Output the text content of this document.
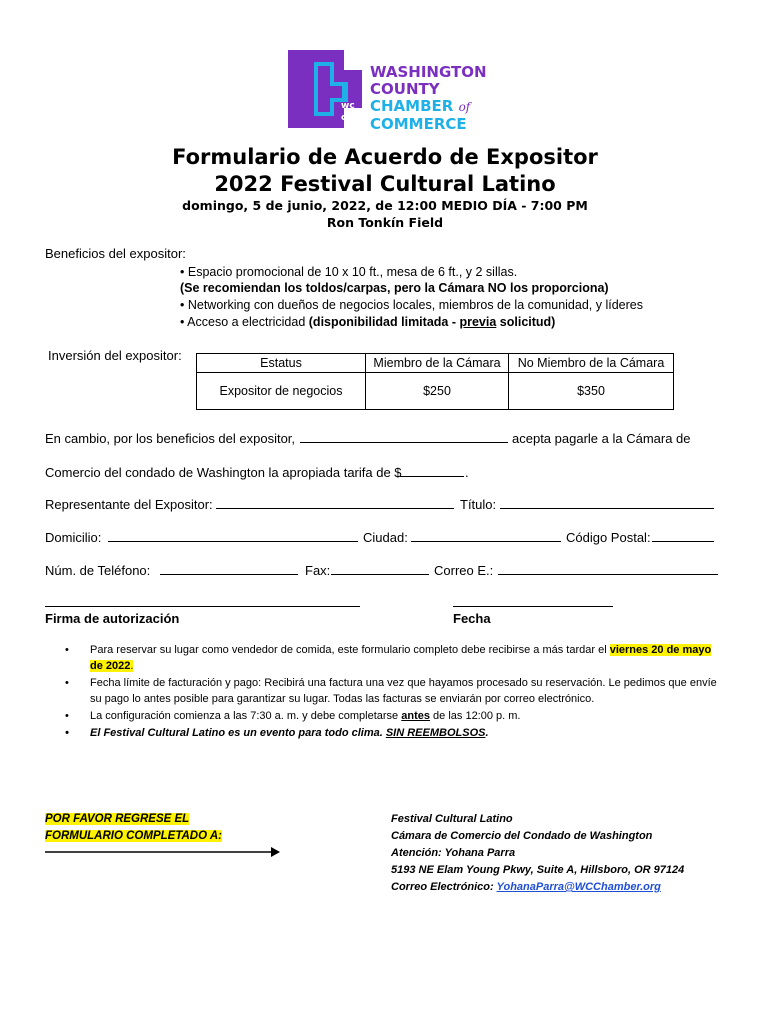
wc
cc
WASHINGTON
COUNTY
CHAMBER of
COMMERCE
Formulario de Acuerdo de Expositor
2022 Festival Cultural Latino
domingo, 5 de junio, 2022, de 12:00 MEDIO DÍA - 7:00 PM
Ron Tonkín Field
Beneficios del expositor:
• Espacio promocional de 10 x 10 ft., mesa de 6 ft., y 2 sillas.
(Se recomiendan los toldos/carpas, pero la Cámara NO los proporciona)
• Networking con dueños de negocios locales, miembros de la comunidad, y líderes
• Acceso a electricidad (disponibilidad limitada - previa solicitud)
Inversión del expositor:	Estatus	Miembro de la Cámara	No Miembro de la Cámara
Expositor de negocios	$250	$350
En cambio, por los beneficios del expositor,	acepta pagarle a la Cámara de
Comercio del condado de Washington la apropiada tarifa de $	.
Representante del Expositor:	Título:
Domicilio:	Ciudad:	Código Postal:
Núm. de Teléfono:	Fax:	Correo E.:
Firma de autorización	Fecha
• Para reservar su lugar como vendedor de comida, este formulario completo debe recibirse a más tardar el viernes 20 de mayo de 2022.
• Fecha límite de facturación y pago: Recibirá una factura una vez que hayamos procesado su reservación. Le pedimos que envíe su pago lo antes posible para garantizar su lugar. Todas las facturas se enviarán por correo electrónico.
• La configuración comienza a las 7:30 a. m. y debe completarse antes de las 12:00 p. m.
• El Festival Cultural Latino es un evento para todo clima. SIN REEMBOLSOS.
POR FAVOR REGRESE EL
FORMULARIO COMPLETADO A:
Festival Cultural Latino
Cámara de Comercio del Condado de Washington
Atención: Yohana Parra
5193 NE Elam Young Pkwy, Suite A, Hillsboro, OR 97124
Correo Electrónico: YohanaParra@WCChamber.org
